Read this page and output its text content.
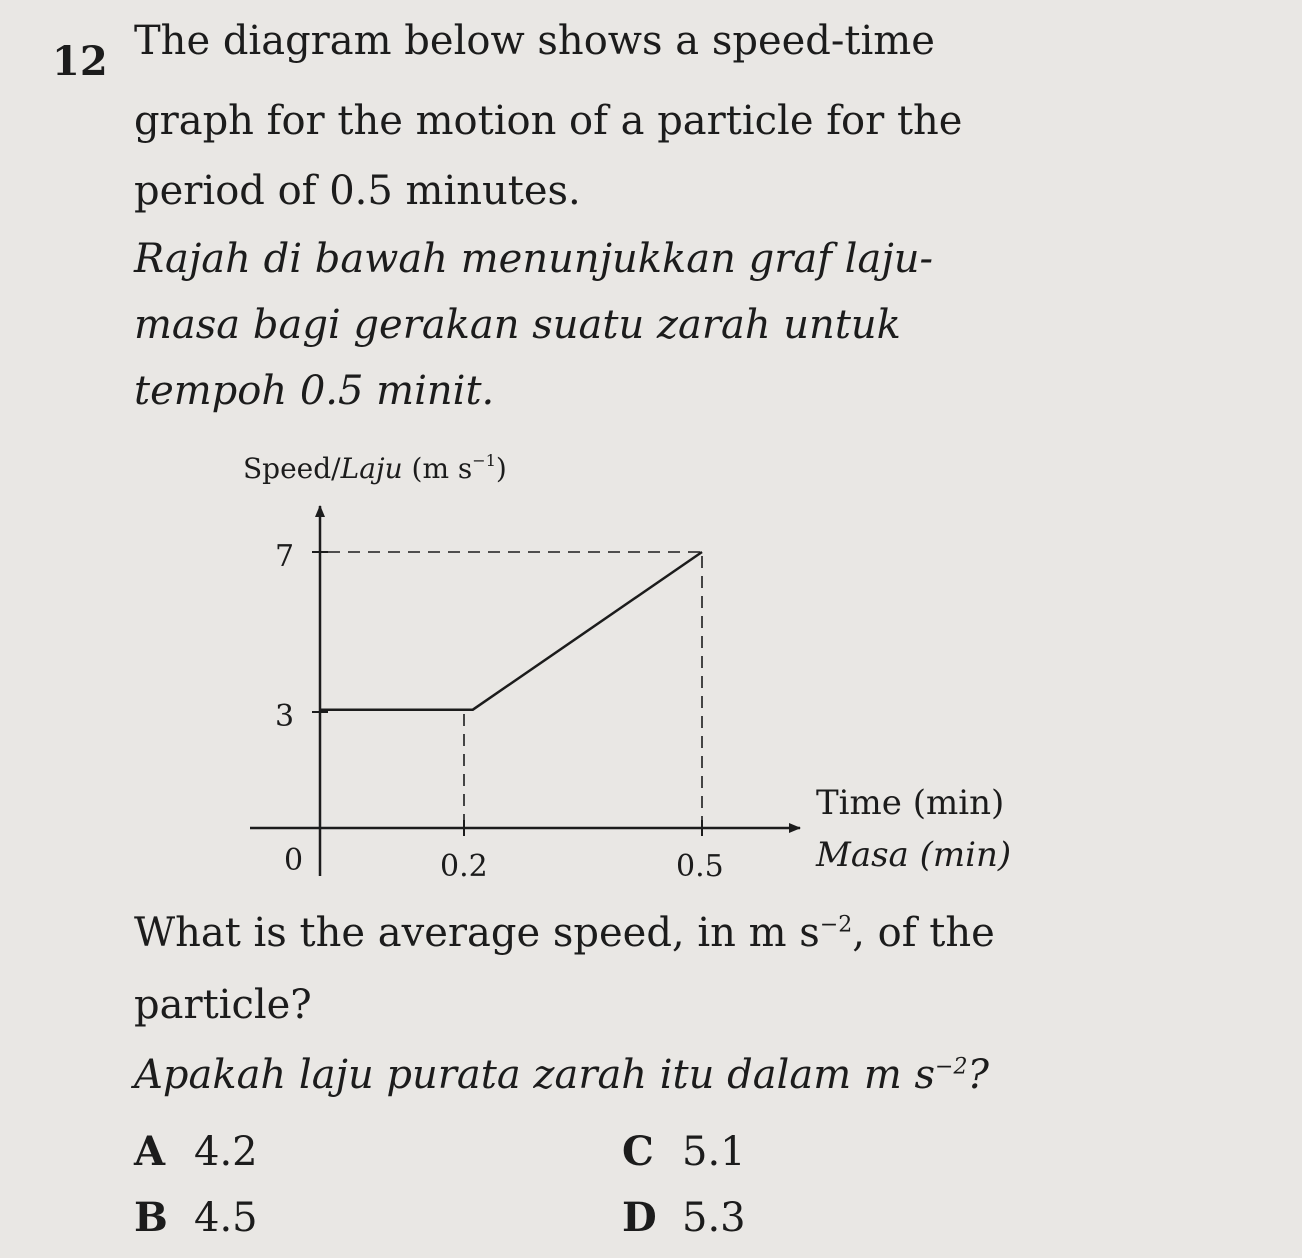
12 The diagram below shows a speed-time
graph for the motion of a particle for the
period of 0.5 minutes.
Rajah di bawah menunjukkan graf laju-
masa bagi gerakan suatu zarah untuk
tempoh 0.5 minit.
Speed/Laju (m $s^{-1}$)
3
7
0	0.2	0.5
Time (min)
Masa (min)
What is the average speed, in m $s^{-2}$, of the
particle?
Apakah laju purata zarah itu dalam m $s^{-2}$?
A 4.2
B 4.5
C 5.1
D 5.3
